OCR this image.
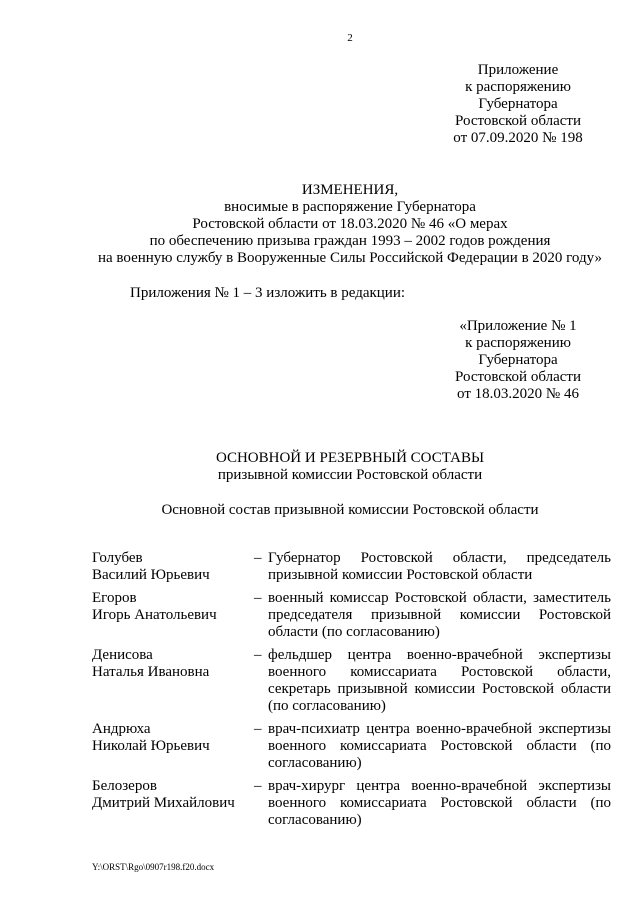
2
Приложение
к распоряжению
Губернатора
Ростовской области
от 07.09.2020 № 198
ИЗМЕНЕНИЯ,
вносимые в распоряжение Губернатора
Ростовской области от 18.03.2020 № 46 «О мерах
по обеспечению призыва граждан 1993 – 2002 годов рождения
на военную службу в Вооруженные Силы Российской Федерации в 2020 году»
Приложения № 1 – 3 изложить в редакции:
«Приложение № 1
к распоряжению
Губернатора
Ростовской области
от 18.03.2020 № 46
ОСНОВНОЙ И РЕЗЕРВНЫЙ СОСТАВЫ
призывной комиссии Ростовской области
Основной состав призывной комиссии Ростовской области
Голубев
Василий Юрьевич
– Губернатор Ростовской области, председатель призывной комиссии Ростовской области
Егоров
Игорь Анатольевич
– военный комиссар Ростовской области, заместитель председателя призывной комиссии Ростовской области (по согласованию)
Денисова
Наталья Ивановна
– фельдшер центра военно-врачебной экспертизы военного комиссариата Ростовской области, секретарь призывной комиссии Ростовской области (по согласованию)
Андрюха
Николай Юрьевич
– врач-психиатр центра военно-врачебной экспертизы военного комиссариата Ростовской области (по согласованию)
Белозеров
Дмитрий Михайлович
– врач-хирург центра военно-врачебной экспертизы военного комиссариата Ростовской области (по согласованию)
Y:\ORST\Rgo\0907r198.f20.docx
